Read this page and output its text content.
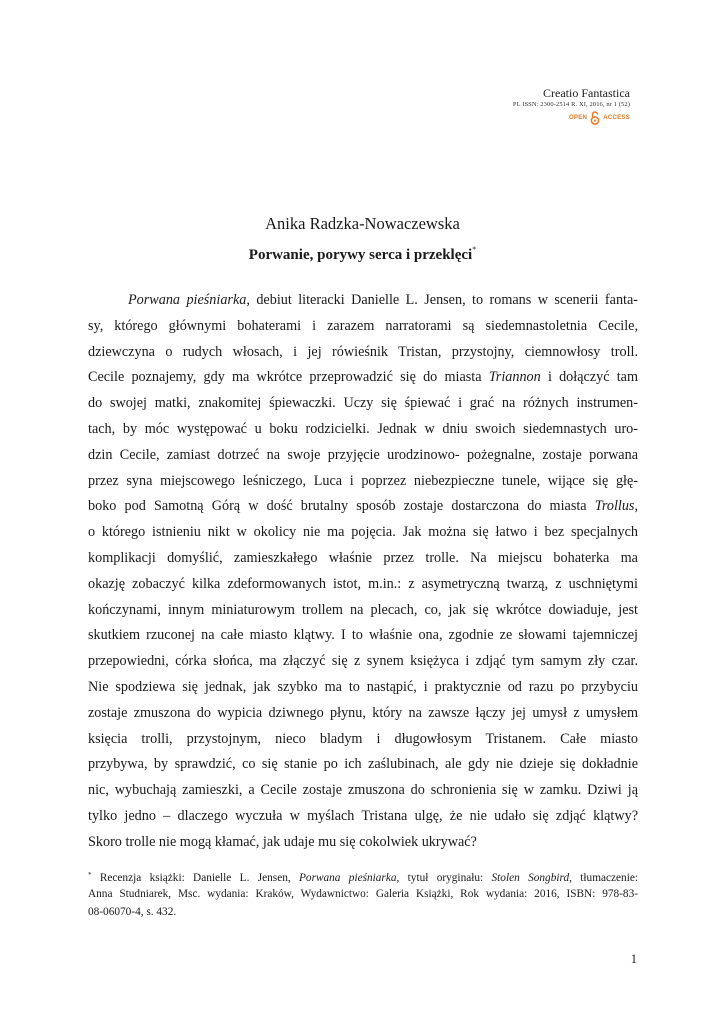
Creatio Fantastica
PL ISSN: 2300-2514 R. XI, 2016, nr 1 (52)
OPEN	ACCESS
Anika Radzka-Nowaczewska
Porwanie, porywy serca i przeklęci*
Porwana pieśniarka, debiut literacki Danielle L. Jensen, to romans w scenerii fanta-
sy, którego głównymi bohaterami i zarazem narratorami są siedemnastoletnia Cecile,
dziewczyna o rudych włosach, i jej rówieśnik Tristan, przystojny, ciemnowłosy troll.
Cecile poznajemy, gdy ma wkrótce przeprowadzić się do miasta Triannon i dołączyć tam
do swojej matki, znakomitej śpiewaczki. Uczy się śpiewać i grać na różnych instrumen-
tach, by móc występować u boku rodzicielki. Jednak w dniu swoich siedemnastych uro-
dzin Cecile, zamiast dotrzeć na swoje przyjęcie urodzinowo- pożegnalne, zostaje porwana
przez syna miejscowego leśniczego, Luca i poprzez niebezpieczne tunele, wijące się głę-
boko pod Samotną Górą w dość brutalny sposób zostaje dostarczona do miasta Trollus,
o którego istnieniu nikt w okolicy nie ma pojęcia. Jak można się łatwo i bez specjalnych
komplikacji domyślić, zamieszkałego właśnie przez trolle. Na miejscu bohaterka ma
okazję zobaczyć kilka zdeformowanych istot, m.in.: z asymetryczną twarzą, z uschniętymi
kończynami, innym miniaturowym trollem na plecach, co, jak się wkrótce dowiaduje, jest
skutkiem rzuconej na całe miasto klątwy. I to właśnie ona, zgodnie ze słowami tajemniczej
przepowiedni, córka słońca, ma złączyć się z synem księżyca i zdjąć tym samym zły czar.
Nie spodziewa się jednak, jak szybko ma to nastąpić, i praktycznie od razu po przybyciu
zostaje zmuszona do wypicia dziwnego płynu, który na zawsze łączy jej umysł z umysłem
księcia trolli, przystojnym, nieco bladym i długowłosym Tristanem. Całe miasto
przybywa, by sprawdzić, co się stanie po ich zaślubinach, ale gdy nie dzieje się dokładnie
nic, wybuchają zamieszki, a Cecile zostaje zmuszona do schronienia się w zamku. Dziwi ją
tylko jedno – dlaczego wyczuła w myślach Tristana ulgę, że nie udało się zdjąć klątwy?
Skoro trolle nie mogą kłamać, jak udaje mu się cokolwiek ukrywać?
* Recenzja książki: Danielle L. Jensen, Porwana pieśniarka, tytuł oryginału: Stolen Songbird, tłumaczenie:
Anna Studniarek, Msc. wydania: Kraków, Wydawnictwo: Galeria Książki, Rok wydania: 2016, ISBN: 978-83-
08-06070-4, s. 432.
1
